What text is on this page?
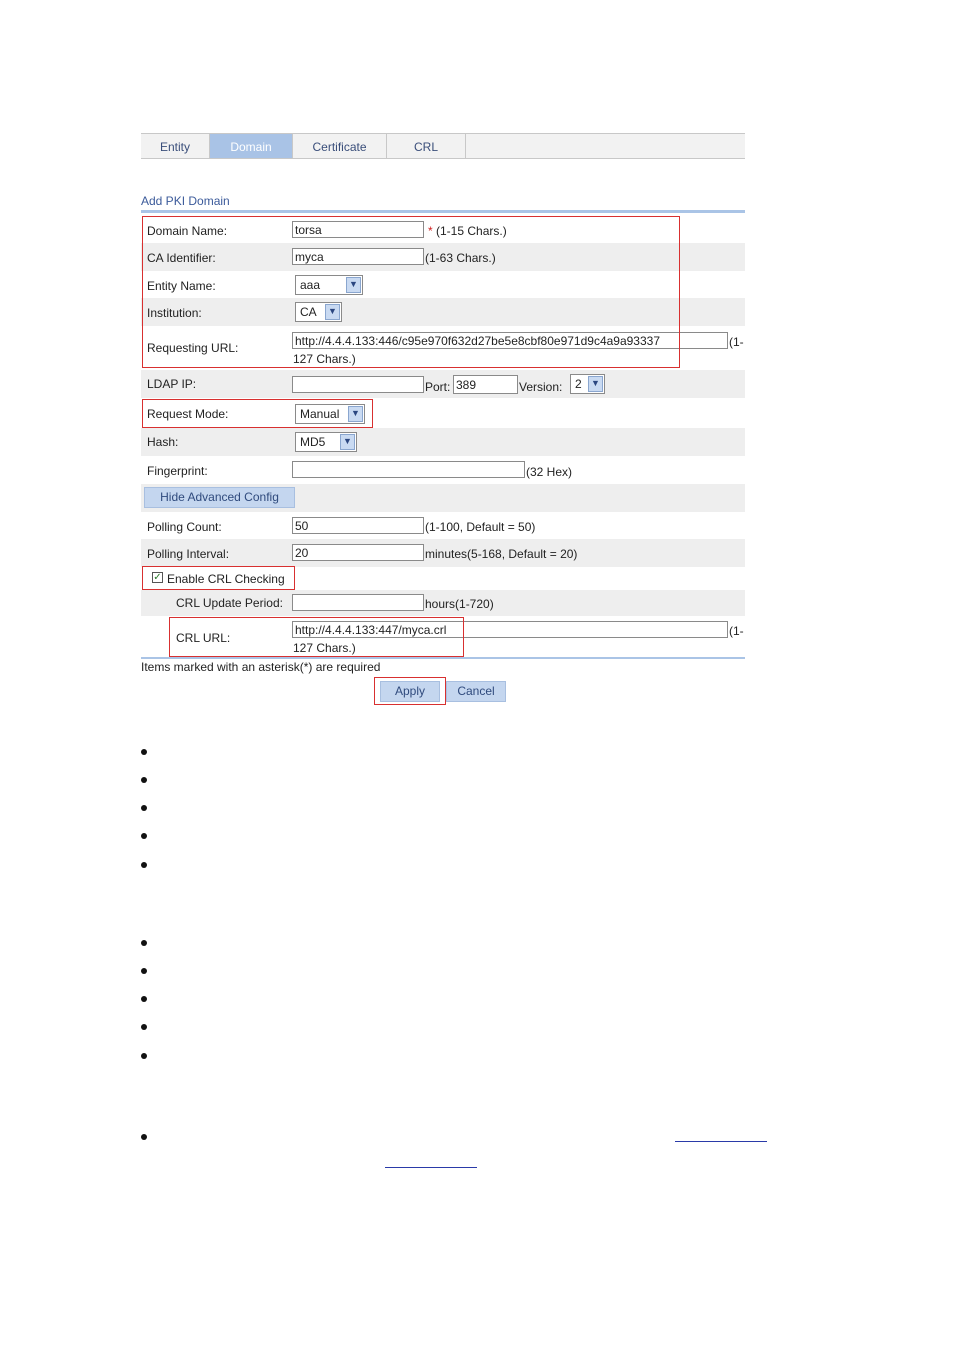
Entity	Domain	Certificate	CRL
Add PKI Domain
Domain Name:
torsa	* (1-15 Chars.)
CA Identifier:
myca	(1-63 Chars.)
Entity Name:	aaa	▼
Institution:	CA	▼
Requesting URL:
http://4.4.4.133:446/c95e970f632d27be5e8cbf80e971d9c4a9a93337	(1-
127 Chars.)
LDAP IP:	Port:
389	Version:	2	▼
Request Mode:	Manual	▼
Hash:	MD5	▼
Fingerprint:	(32 Hex)
Hide Advanced Config
Polling Count:
50	(1-100, Default = 50)
Polling Interval:
20	minutes(5-168, Default = 20)
✓ Enable CRL Checking
CRL Update Period:	hours(1-720)
CRL URL:
http://4.4.4.133:447/myca.crl	(1-
127 Chars.)
Items marked with an asterisk(*) are required
Apply	Cancel
